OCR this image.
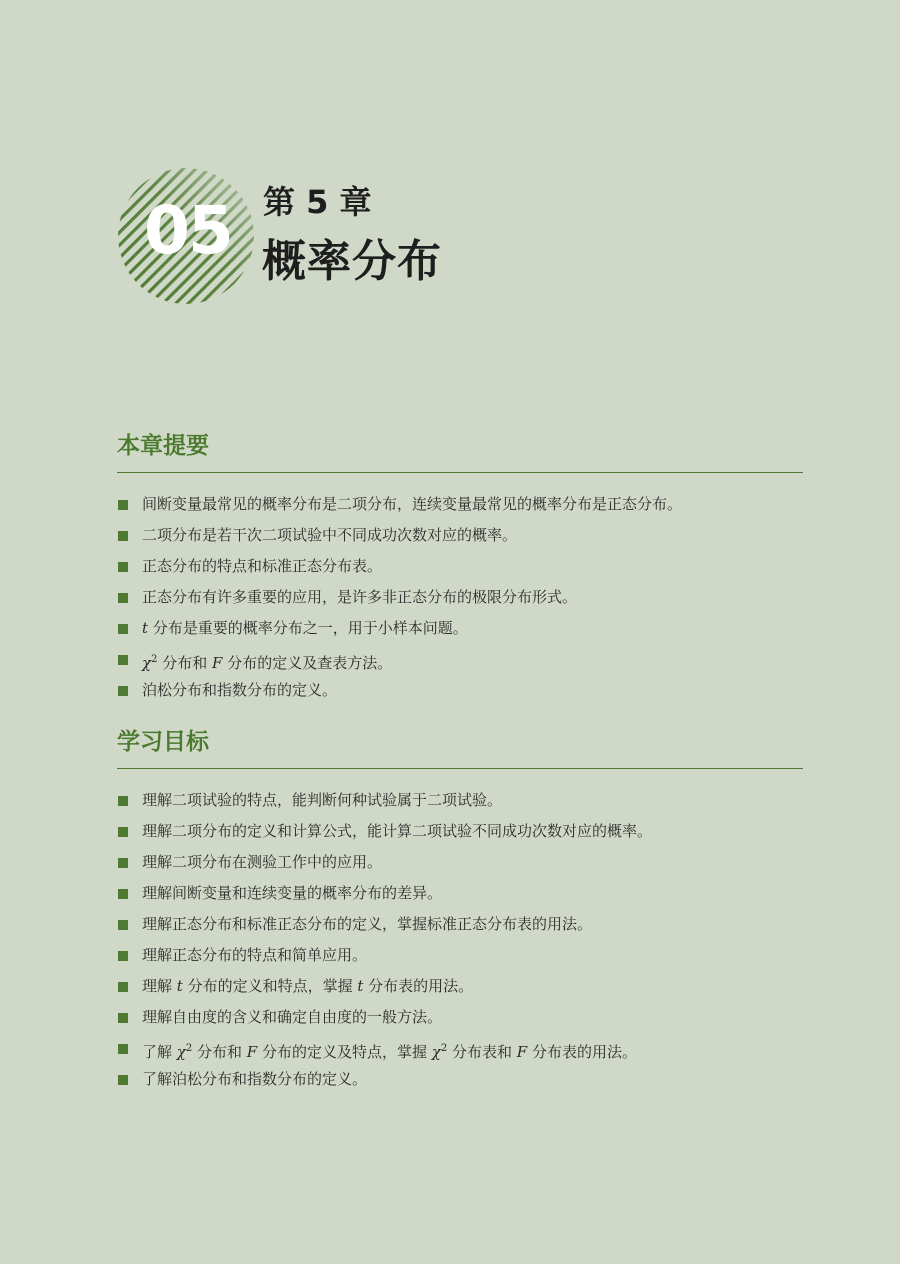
05 第 5 章
概率分布
本章提要
间断变量最常见的概率分布是二项分布，连续变量最常见的概率分布是正态分布。
二项分布是若干次二项试验中不同成功次数对应的概率。
正态分布的特点和标准正态分布表。
正态分布有许多重要的应用，是许多非正态分布的极限分布形式。
t 分布是重要的概率分布之一，用于小样本问题。
$\chi^2$ 分布和 F 分布的定义及查表方法。
泊松分布和指数分布的定义。
学习目标
理解二项试验的特点，能判断何种试验属于二项试验。
理解二项分布的定义和计算公式，能计算二项试验不同成功次数对应的概率。
理解二项分布在测验工作中的应用。
理解间断变量和连续变量的概率分布的差异。
理解正态分布和标准正态分布的定义，掌握标准正态分布表的用法。
理解正态分布的特点和简单应用。
理解 t 分布的定义和特点，掌握 t 分布表的用法。
理解自由度的含义和确定自由度的一般方法。
了解 $\chi^2$ 分布和 F 分布的定义及特点，掌握 $\chi^2$ 分布表和 F 分布表的用法。
了解泊松分布和指数分布的定义。
